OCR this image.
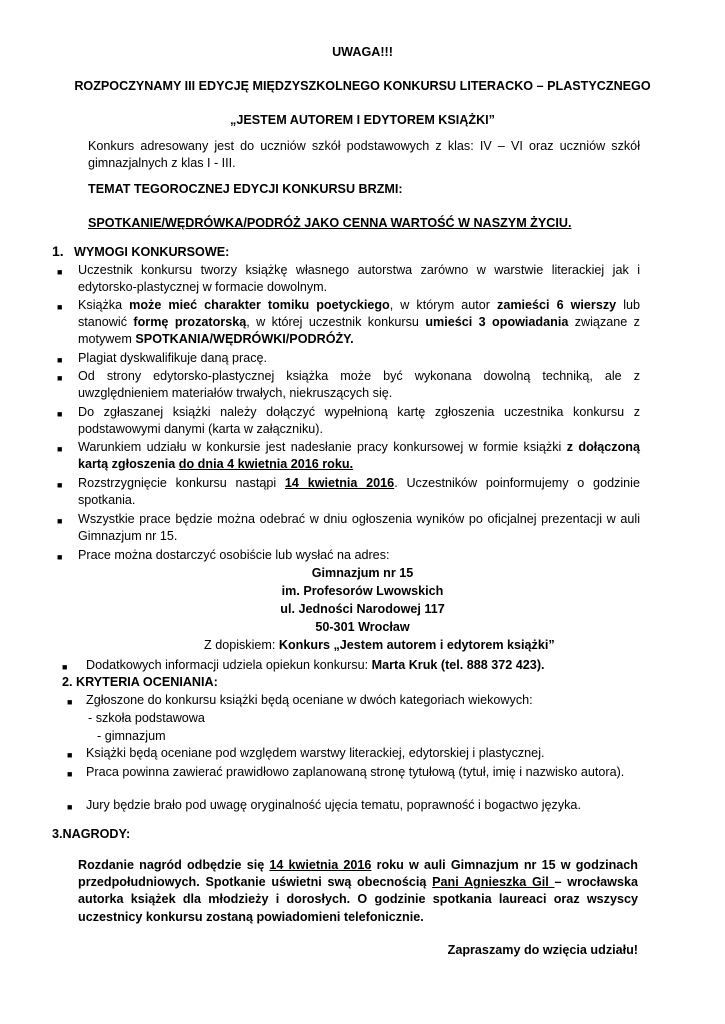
UWAGA!!!
ROZPOCZYNAMY III EDYCJĘ MIĘDZYSZKOLNEGO KONKURSU LITERACKO – PLASTYCZNEGO
„JESTEM AUTOREM I EDYTOREM KSIĄŻKI”
Konkurs adresowany jest do uczniów szkół podstawowych z klas: IV – VI oraz uczniów szkół gimnazjalnych z klas I - III.
TEMAT TEGOROCZNEJ EDYCJI KONKURSU BRZMI:
SPOTKANIE/WĘDRÓWKA/PODRÓŻ JAKO CENNA WARTOŚĆ W NASZYM ŻYCIU.
1. WYMOGI KONKURSOWE:
■ Uczestnik konkursu tworzy książkę własnego autorstwa zarówno w warstwie literackiej jak i edytorsko-plastycznej w formacie dowolnym.
■ Książka może mieć charakter tomiku poetyckiego, w którym autor zamieści 6 wierszy lub stanowić formę prozatorską, w której uczestnik konkursu umieści 3 opowiadania związane z motywem SPOTKANIA/WĘDRÓWKI/PODRÓŻY.
■ Plagiat dyskwalifikuje daną pracę.
■ Od strony edytorsko-plastycznej książka może być wykonana dowolną techniką, ale z uwzględnieniem materiałów trwałych, niekruszących się.
■ Do zgłaszanej książki należy dołączyć wypełnioną kartę zgłoszenia uczestnika konkursu z podstawowymi danymi (karta w załączniku).
■ Warunkiem udziału w konkursie jest nadesłanie pracy konkursowej w formie książki z dołączoną kartą zgłoszenia do dnia 4 kwietnia 2016 roku.
■ Rozstrzygnięcie konkursu nastąpi 14 kwietnia 2016. Uczestników poinformujemy o godzinie spotkania.
■ Wszystkie prace będzie można odebrać w dniu ogłoszenia wyników po oficjalnej prezentacji w auli Gimnazjum nr 15.
■ Prace można dostarczyć osobiście lub wysłać na adres:
Gimnazjum nr 15
im. Profesorów Lwowskich
ul. Jedności Narodowej 117
50-301 Wrocław
Z dopiskiem: Konkurs „Jestem autorem i edytorem książki”
■ Dodatkowych informacji udziela opiekun konkursu: Marta Kruk (tel. 888 372 423).
2. KRYTERIA OCENIANIA:
■ Zgłoszone do konkursu książki będą oceniane w dwóch kategoriach wiekowych:
- szkoła podstawowa
- gimnazjum
■ Książki będą oceniane pod względem warstwy literackiej, edytorskiej i plastycznej.
■ Praca powinna zawierać prawidłowo zaplanowaną stronę tytułową (tytuł, imię i nazwisko autora).
■ Jury będzie brało pod uwagę oryginalność ujęcia tematu, poprawność i bogactwo języka.
3.NAGRODY:
Rozdanie nagród odbędzie się 14 kwietnia 2016 roku w auli Gimnazjum nr 15 w godzinach przedpołudniowych. Spotkanie uświetni swą obecnością Pani Agnieszka Gil – wrocławska autorka książek dla młodzieży i dorosłych. O godzinie spotkania laureaci oraz wszyscy uczestnicy konkursu zostaną powiadomieni telefonicznie.
Zapraszamy do wzięcia udziału!
